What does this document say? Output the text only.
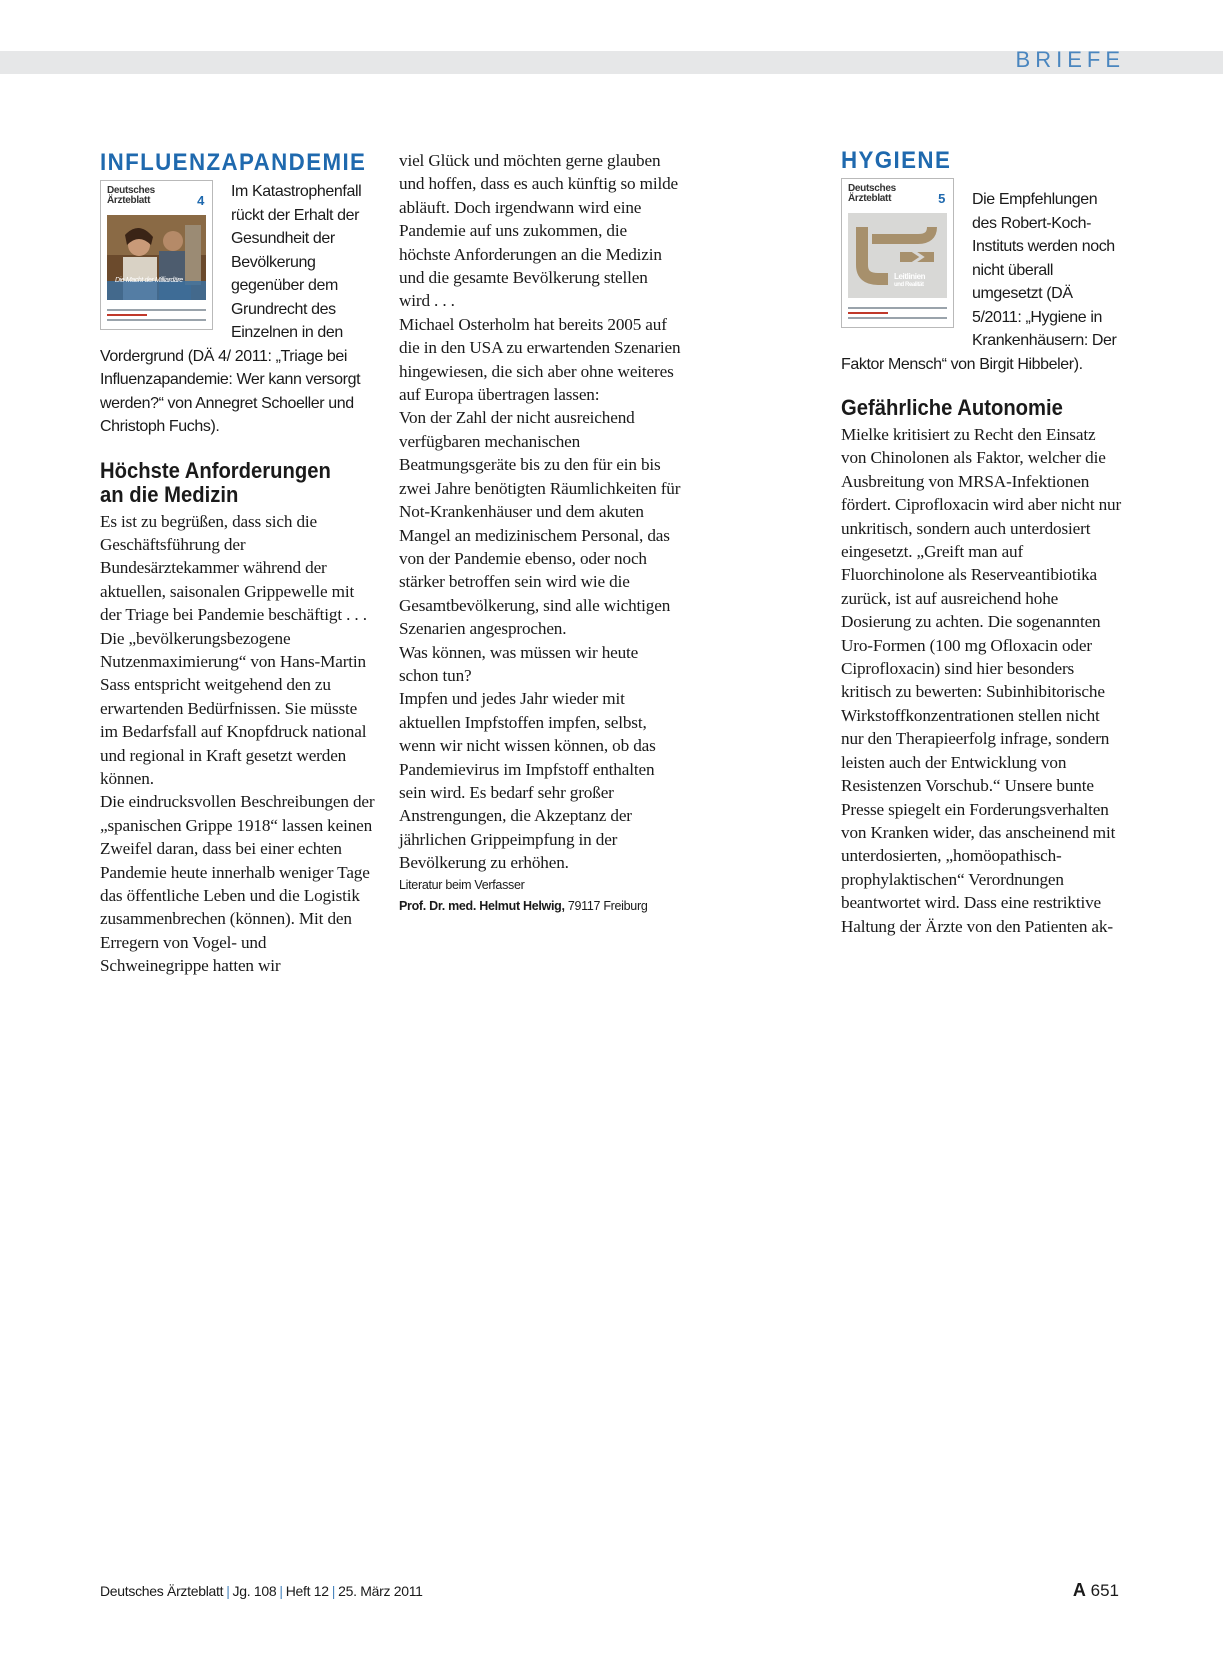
BRIEFE
INFLUENZAPANDEMIE
Deutsches
Ärzteblatt	4
Die Macht der Milliardäre
Im Katastrophenfall rückt der Erhalt der Gesundheit der Bevölkerung gegenüber dem Grundrecht des Einzelnen in den Vordergrund (DÄ 4/ 2011: „Triage bei Influenzapandemie: Wer kann versorgt werden?“ von Annegret Schoeller und Christoph Fuchs).
Höchste Anforderungen an die Medizin

Es ist zu begrüßen, dass sich die Geschäftsführung der Bundesärztekammer während der aktuellen, saisonalen Grippewelle mit der Triage bei Pandemie beschäftigt . . .

Die „bevölkerungsbezogene Nutzenmaximierung“ von Hans-Martin Sass entspricht weitgehend den zu erwartenden Bedürfnissen. Sie müsste im Bedarfsfall auf Knopfdruck national und regional in Kraft gesetzt werden können.

Die eindrucksvollen Beschreibungen der „spanischen Grippe 1918“ lassen keinen Zweifel daran, dass bei einer echten Pandemie heute innerhalb weniger Tage das öffentliche Leben und die Logistik zusammenbrechen (können). Mit den Erregern von Vogel- und Schweinegrippe hatten wir

viel Glück und möchten gerne glauben und hoffen, dass es auch künftig so milde abläuft. Doch irgendwann wird eine Pandemie auf uns zukommen, die höchste Anforderungen an die Medizin und die gesamte Bevölkerung stellen wird . . .

Michael Osterholm hat bereits 2005 auf die in den USA zu erwartenden Szenarien hingewiesen, die sich aber ohne weiteres auf Europa übertragen lassen:

Von der Zahl der nicht ausreichend verfügbaren mechanischen Beatmungsgeräte bis zu den für ein bis zwei Jahre benötigten Räumlichkeiten für Not-Krankenhäuser und dem akuten Mangel an medizinischem Personal, das von der Pandemie ebenso, oder noch stärker betroffen sein wird wie die Gesamtbevölkerung, sind alle wichtigen Szenarien angesprochen.

Was können, was müssen wir heute schon tun?

Impfen und jedes Jahr wieder mit aktuellen Impfstoffen impfen, selbst, wenn wir nicht wissen können, ob das Pandemievirus im Impfstoff enthalten sein wird. Es bedarf sehr großer Anstrengungen, die Akzeptanz der jährlichen Grippeimpfung in der Bevölkerung zu erhöhen.

Literatur beim Verfasser
Prof. Dr. med. Helmut Helwig, 79117 Freiburg
HYGIENE
Deutsches
Ärzteblatt	5
Leitlinien
und Realität
Die Empfehlungen des Robert-Koch-Instituts werden noch nicht überall umgesetzt (DÄ 5/2011: „Hygiene in Krankenhäusern: Der Faktor Mensch“ von Birgit Hibbeler).
Gefährliche Autonomie

Mielke kritisiert zu Recht den Einsatz von Chinolonen als Faktor, welcher die Ausbreitung von MRSA-Infektionen fördert. Ciprofloxacin wird aber nicht nur unkritisch, sondern auch unterdosiert eingesetzt. „Greift man auf Fluorchinolone als Reserveantibiotika zurück, ist auf ausreichend hohe Dosierung zu achten. Die sogenannten Uro-Formen (100 mg Ofloxacin oder Ciprofloxacin) sind hier besonders kritisch zu bewerten: Subinhibitorische Wirkstoffkonzentrationen stellen nicht nur den Therapieerfolg infrage, sondern leisten auch der Entwicklung von Resistenzen Vorschub.“ Unsere bunte Presse spiegelt ein Forderungsverhalten von Kranken wider, das anscheinend mit unterdosierten, „homöopathisch-prophylaktischen“ Verordnungen beantwortet wird. Dass eine restriktive Haltung der Ärzte von den Patienten ak-

Deutsches Ärzteblatt | Jg. 108 | Heft 12 | 25. März 2011	A 651
